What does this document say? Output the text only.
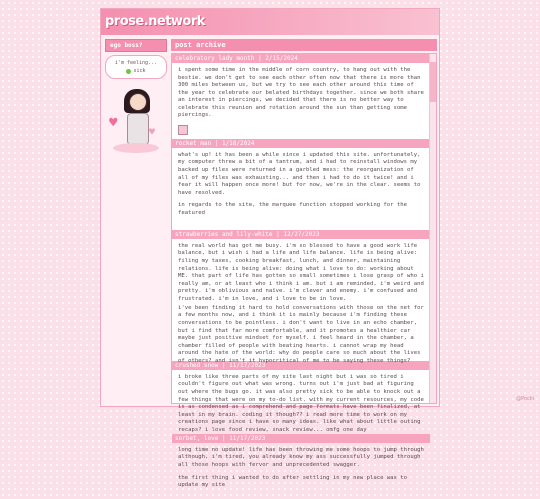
prose.network
ego boss?
i'm feeling...
sick
♥
♥
post archive
celebratory lady month | 2/15/2024

i spent some time in the middle of corn country, to hang out with the bestie. we don't get to see each other often now that there is more than 300 miles between us, but we try to see each other around this time of the year to celebrate our belated birthdays together. since we both share an interest in piercings, we decided that there is no better way to celebrate this reunion and rotation around the sun than getting some piercings.

rocket man | 1/18/2024

what's up! it has been a while since i updated this site. unfortunately, my computer threw a bit of a tantrum, and i had to reinstall windows my backed up files were returned in a garbled mess: the reorganization of all of my files was exhausting... and then i had to do it twice! and i fear it will happen once more! but for now, we're in the clear. seems to have resolved.

in regards to the site, the marquee function stopped working for the featured

strawberries and lily-white | 12/27/2023

the real world has got me busy. i'm so blessed to have a good work life balance, but i wish i had a life and life balance. life is being alive: filing my taxes, cooking breakfast, lunch, and dinner, maintaining relations. life is being alive: doing what i love to do: working about ME. that part of life has gotten so small sometimes i lose grasp of who i really am, or at least who i think i am. but i am reminded, i'm weird and pretty. i'm oblivious and naïve. i'm clever and enemy. i'm confused and frustrated. i'm in love, and i love to be in love.

i've been finding it hard to hold conversations with those on the net for a few months now, and i think it is mainly because i'm finding these conversations to be pointless. i don't want to live in an echo chamber, but i find that far more comfortable, and it promotes a healthier car maybe just positive mindset for myself. i feel heard in the chamber, a chamber filled of people with beating hearts. i cannot wrap my head around the hate of the world: why do people care so much about the lives of others? and isn't it hypocritical of me to be saying these things?

crushed snow | 11/17/2023

i broke like three parts of my site last night but i was so tired i couldn't figure out what was wrong. turns out i'm just bad at figuring out where the bugs go. it was also pretty sick to be able to knock out a few things that were on my to-do list. with my current resources, my code is as condensed as i comprehend and page formats have been finalized, at least in my brain. coding it though?? i read more time to work on my creations page since i have so many ideas. like what about little outing recaps? i love food review, snack review... omfg one day

sorbet, love | 11/17/2023

long time no update! life has been throwing me some hoops to jump through although, i'm tired, you already know my ass successfully jumped through all those hoops with fervor and unprecedented swagger.

the first thing i wanted to do after settling in my new place was to update my site

@Pocki
